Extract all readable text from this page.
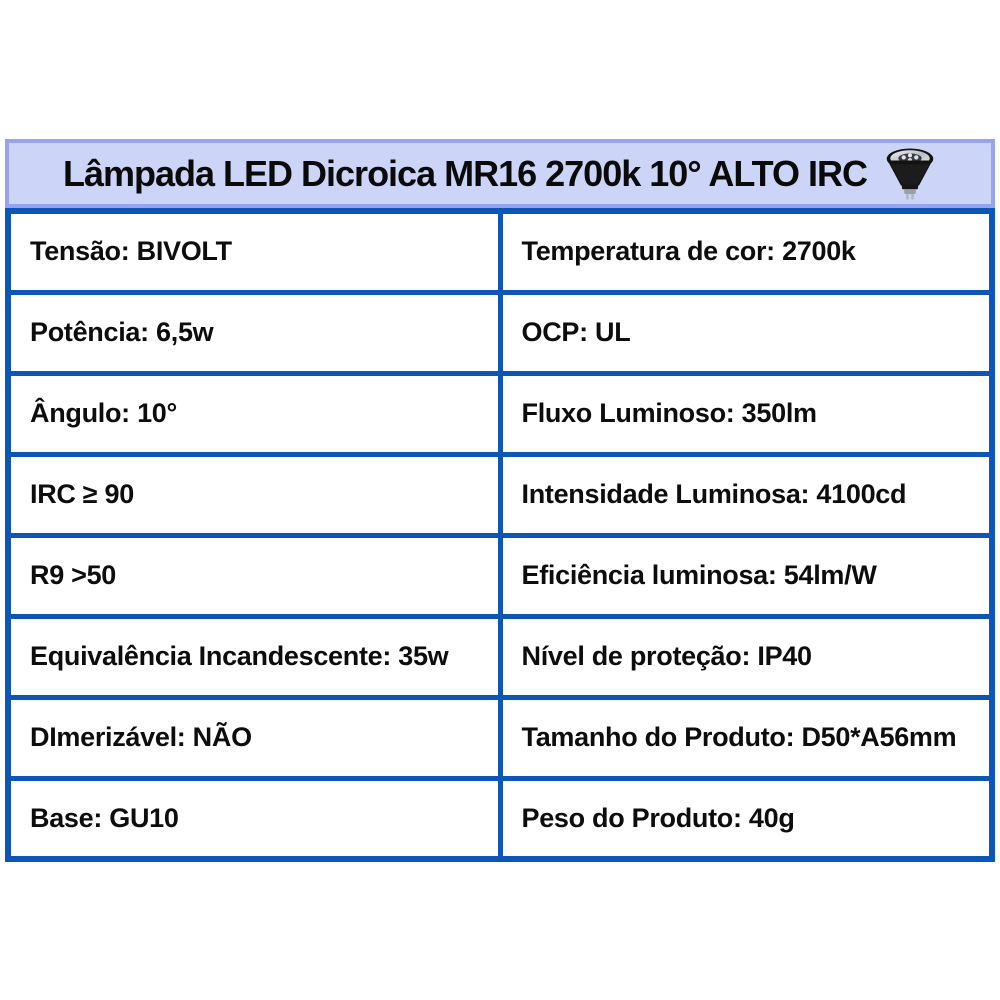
Lâmpada LED Dicroica MR16 2700k 10° ALTO IRC
Tensão: BIVOLT	Temperatura de cor: 2700k
Potência: 6,5w	OCP: UL
Ângulo: 10°	Fluxo Luminoso: 350lm
IRC ≥ 90	Intensidade Luminosa: 4100cd
R9 >50	Eficiência luminosa: 54lm/W
Equivalência Incandescente: 35w	Nível de proteção: IP40
DImerizável: NÃO	Tamanho do Produto: D50*A56mm
Base: GU10	Peso do Produto: 40g
